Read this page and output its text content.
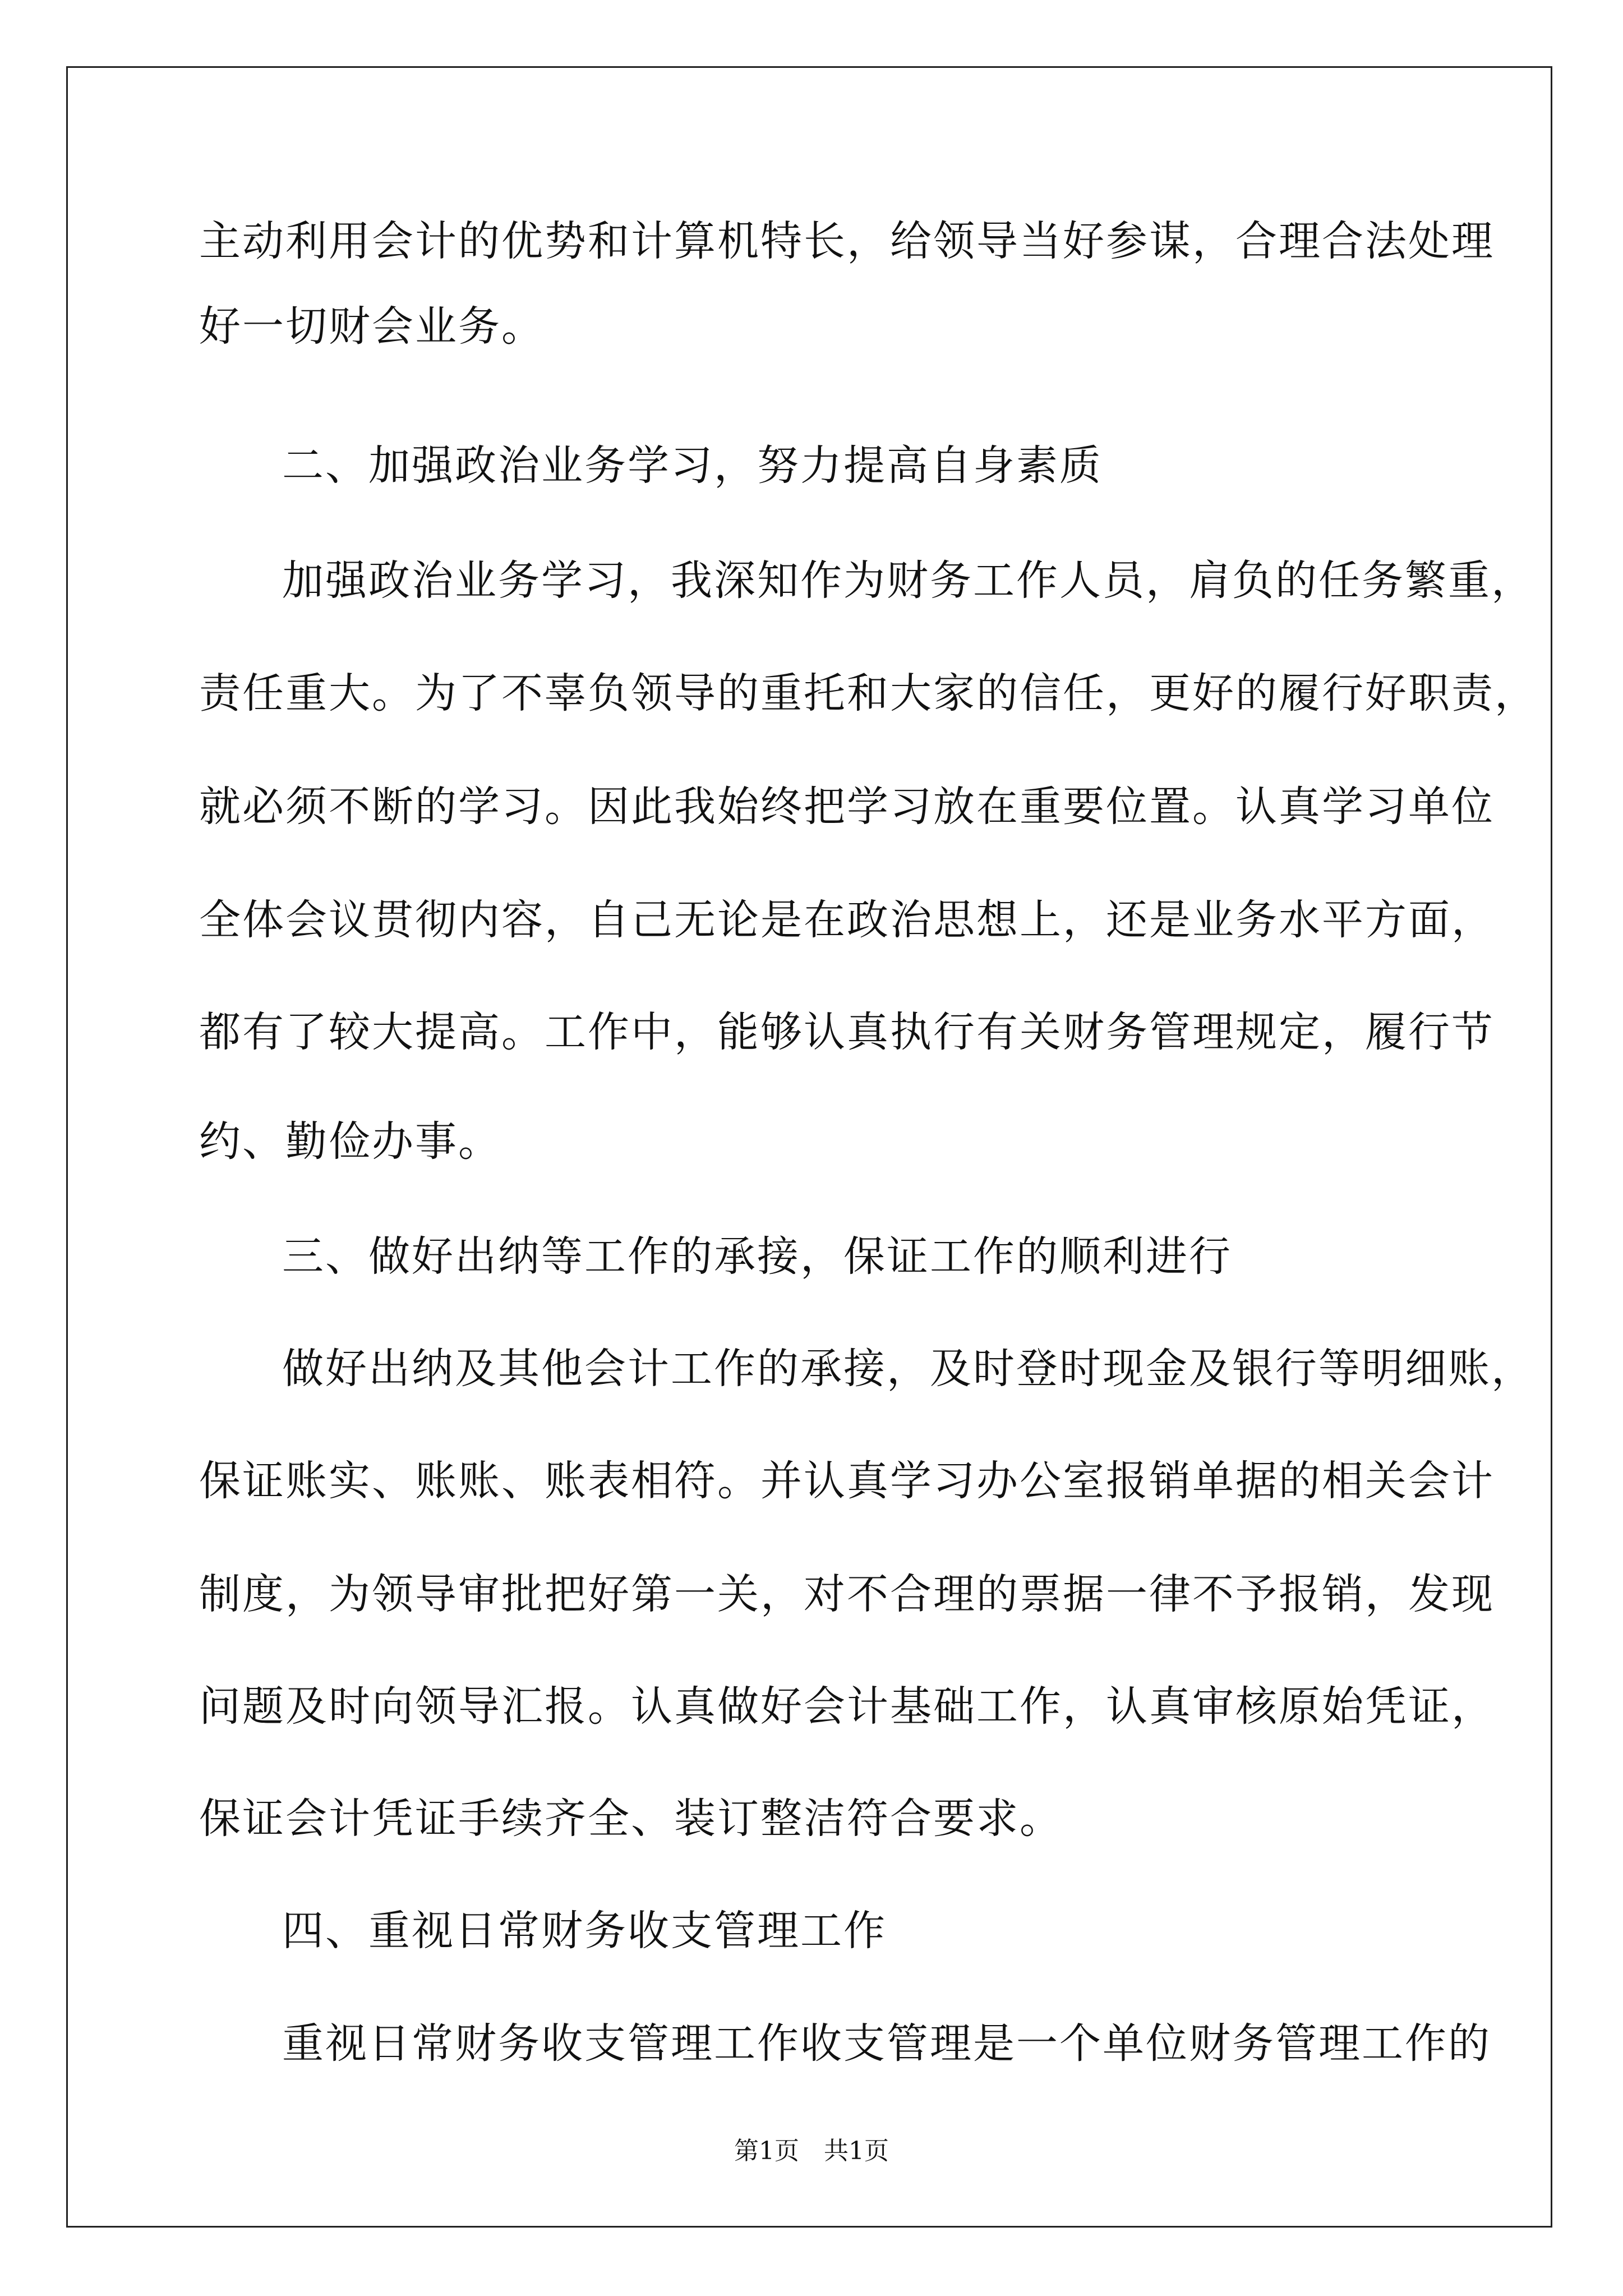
主动利用会计的优势和计算机特长，给领导当好参谋，合理合法处理
好一切财会业务。
二、加强政治业务学习，努力提高自身素质
加强政治业务学习，我深知作为财务工作人员，肩负的任务繁重，
责任重大。为了不辜负领导的重托和大家的信任，更好的履行好职责，
就必须不断的学习。因此我始终把学习放在重要位置。认真学习单位
全体会议贯彻内容，自己无论是在政治思想上，还是业务水平方面，
都有了较大提高。工作中，能够认真执行有关财务管理规定，履行节
约、勤俭办事。
三、做好出纳等工作的承接，保证工作的顺利进行
做好出纳及其他会计工作的承接，及时登时现金及银行等明细账，
保证账实、账账、账表相符。并认真学习办公室报销单据的相关会计
制度，为领导审批把好第一关，对不合理的票据一律不予报销，发现
问题及时向领导汇报。认真做好会计基础工作，认真审核原始凭证，
保证会计凭证手续齐全、装订整洁符合要求。
四、重视日常财务收支管理工作
重视日常财务收支管理工作收支管理是一个单位财务管理工作的
第1页　共1页
